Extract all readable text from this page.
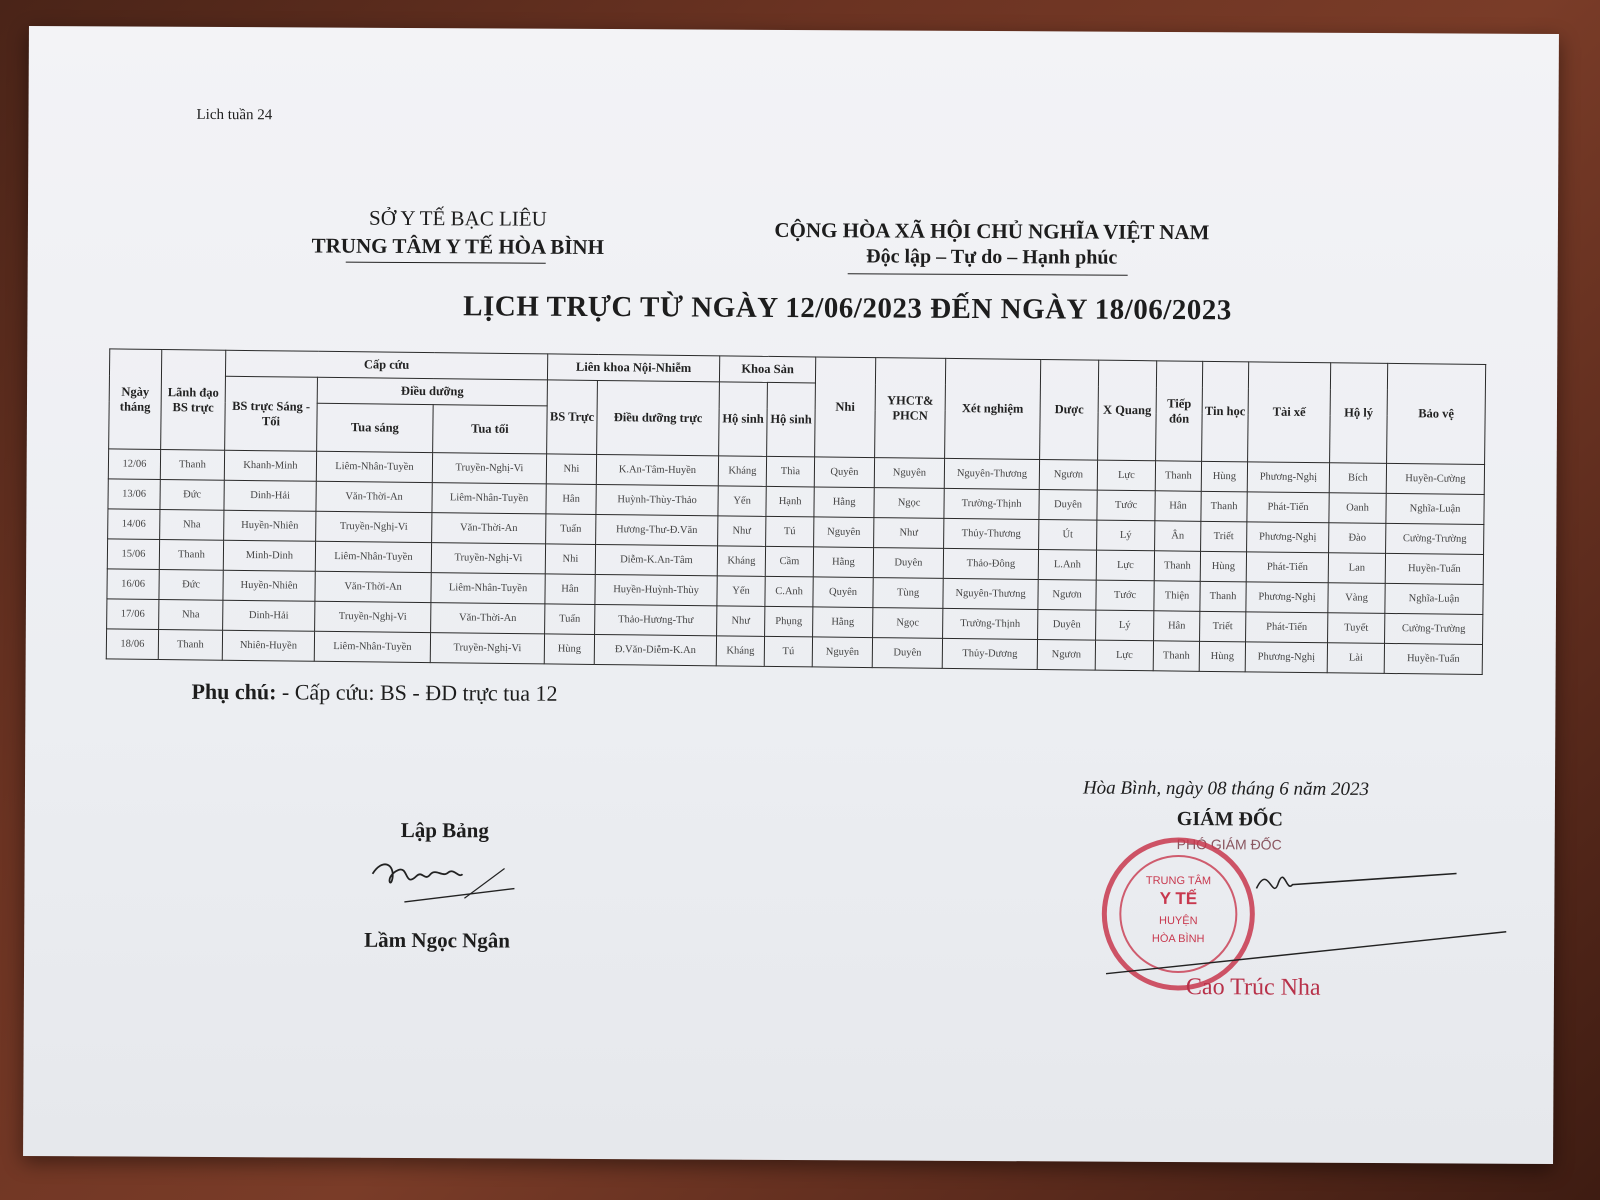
Lich tuần 24
SỞ Y TẾ BẠC LIÊU
TRUNG TÂM Y TẾ HÒA BÌNH
CỘNG HÒA XÃ HỘI CHỦ NGHĨA VIỆT NAM
Độc lập – Tự do – Hạnh phúc
LỊCH TRỰC TỪ NGÀY 12/06/2023 ĐẾN NGÀY 18/06/2023
Ngày tháng	Lãnh đạo BS trực	Cấp cứu			Liên khoa Nội-Nhiễm		Khoa Sản		Nhi	YHCT& PHCN	Xét nghiệm	Dược	X Quang	Tiếp đón	Tin học	Tài xế	Hộ lý	Bảo vệ
		BS trực Sáng - Tối	Điều dưỡng		BS Trực	Điều dưỡng trực	Hộ sinh	Hộ sinh										
			Tua sáng	Tua tối														
12/06	Thanh	Khanh-Minh	Liêm-Nhân-Tuyền	Truyền-Nghị-Vi	Nhi	K.An-Tâm-Huyền	Kháng	Thìa	Quyên	Nguyên	Nguyên-Thương	Ngươn	Lực	Thanh	Hùng	Phương-Nghị	Bích	Huyền-Cường
13/06	Đức	Dinh-Hải	Văn-Thời-An	Liêm-Nhân-Tuyền	Hân	Huỳnh-Thùy-Thảo	Yến	Hạnh	Hằng	Ngọc	Trường-Thịnh	Duyên	Tước	Hân	Thanh	Phát-Tiến	Oanh	Nghĩa-Luận
14/06	Nha	Huyền-Nhiên	Truyền-Nghị-Vi	Văn-Thời-An	Tuấn	Hương-Thư-Đ.Văn	Như	Tú	Nguyên	Như	Thủy-Thương	Út	Lý	Ân	Triết	Phương-Nghị	Đào	Cường-Trường
15/06	Thanh	Minh-Dinh	Liêm-Nhân-Tuyền	Truyền-Nghị-Vi	Nhi	Diễm-K.An-Tâm	Kháng	Cầm	Hằng	Duyên	Thảo-Đông	L.Anh	Lực	Thanh	Hùng	Phát-Tiến	Lan	Huyền-Tuấn
16/06	Đức	Huyền-Nhiên	Văn-Thời-An	Liêm-Nhân-Tuyền	Hân	Huyền-Huỳnh-Thùy	Yến	C.Anh	Quyên	Tùng	Nguyên-Thương	Ngươn	Tước	Thiện	Thanh	Phương-Nghị	Vàng	Nghĩa-Luận
17/06	Nha	Dinh-Hải	Truyền-Nghị-Vi	Văn-Thời-An	Tuấn	Thảo-Hương-Thư	Như	Phụng	Hằng	Ngọc	Trường-Thịnh	Duyên	Lý	Hân	Triết	Phát-Tiến	Tuyết	Cường-Trường
18/06	Thanh	Nhiên-Huyền	Liêm-Nhân-Tuyền	Truyền-Nghị-Vi	Hùng	Đ.Văn-Diễm-K.An	Kháng	Tú	Nguyên	Duyên	Thủy-Dương	Ngươn	Lực	Thanh	Hùng	Phương-Nghị	Lài	Huyền-Tuấn
Phụ chú: - Cấp cứu: BS - ĐD trực tua 12
Lập Bảng
Lầm Ngọc Ngân
Hòa Bình, ngày 08 tháng 6 năm 2023
GIÁM ĐỐC
PHÓ GIÁM ĐỐC
TRUNG TÂM
Y TẾ
HUYỆN
HÒA BÌNH
Cao Trúc Nha
